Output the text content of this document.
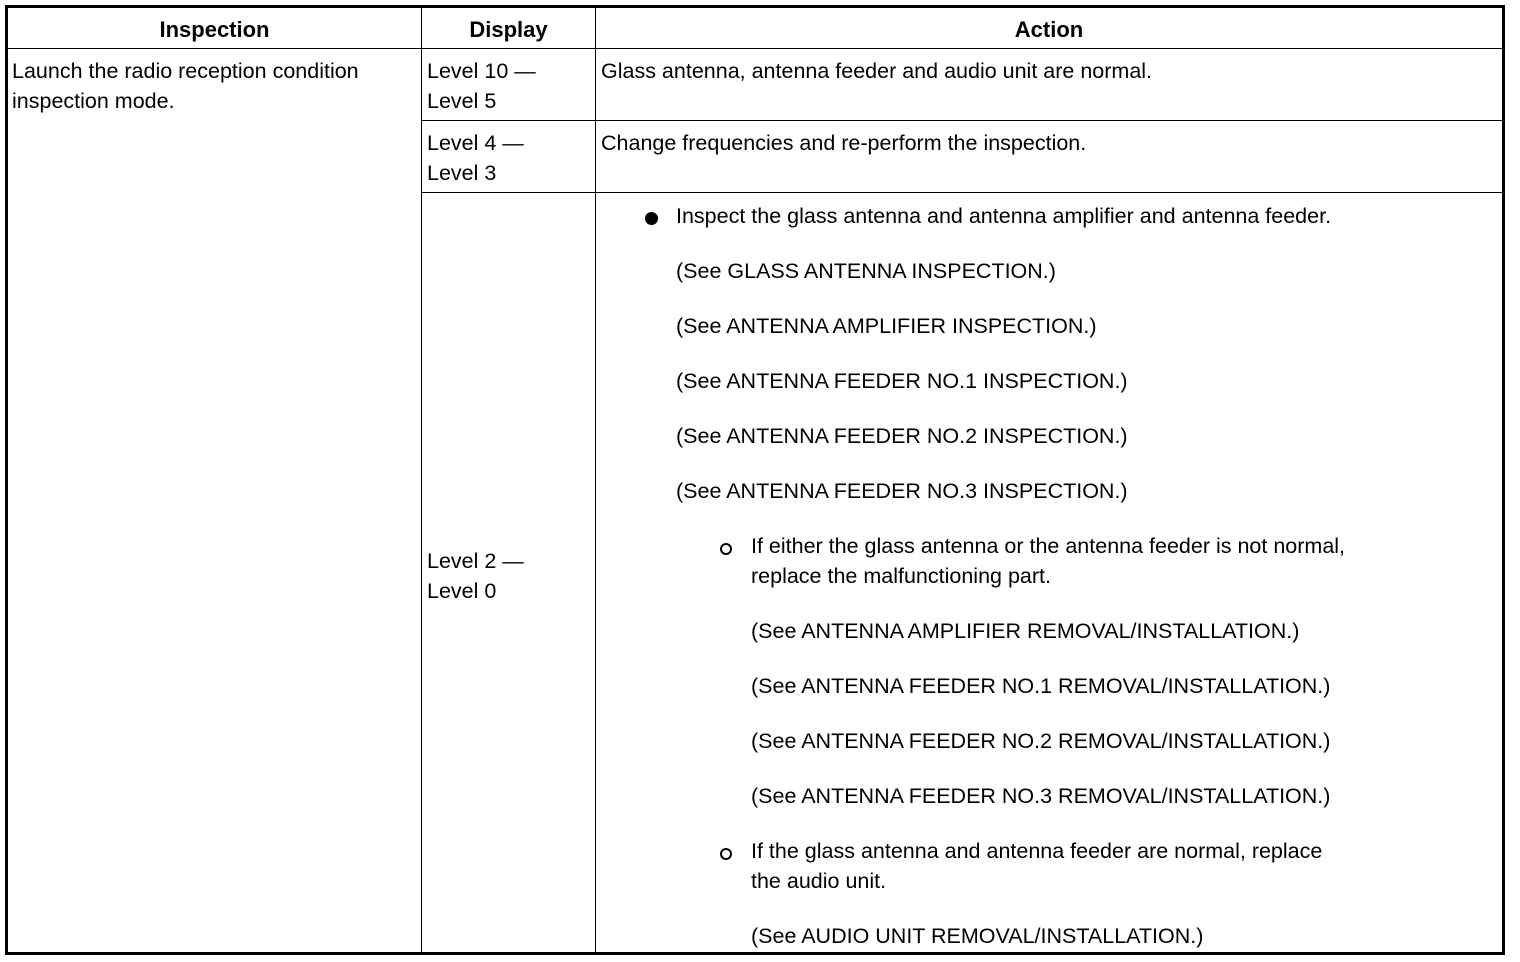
Inspection	Display	Action
Launch the radio reception condition
inspection mode.
Level 10 —
Level 5
Glass antenna, antenna feeder and audio unit are normal.
Level 4 —
Level 3
Change frequencies and re-perform the inspection.
Level 2 —
Level 0
Inspect the glass antenna and antenna amplifier and antenna feeder.
(See GLASS ANTENNA INSPECTION.)
(See ANTENNA AMPLIFIER INSPECTION.)
(See ANTENNA FEEDER NO.1 INSPECTION.)
(See ANTENNA FEEDER NO.2 INSPECTION.)
(See ANTENNA FEEDER NO.3 INSPECTION.)
If either the glass antenna or the antenna feeder is not normal,
replace the malfunctioning part.
(See ANTENNA AMPLIFIER REMOVAL/INSTALLATION.)
(See ANTENNA FEEDER NO.1 REMOVAL/INSTALLATION.)
(See ANTENNA FEEDER NO.2 REMOVAL/INSTALLATION.)
(See ANTENNA FEEDER NO.3 REMOVAL/INSTALLATION.)
If the glass antenna and antenna feeder are normal, replace
the audio unit.
(See AUDIO UNIT REMOVAL/INSTALLATION.)
